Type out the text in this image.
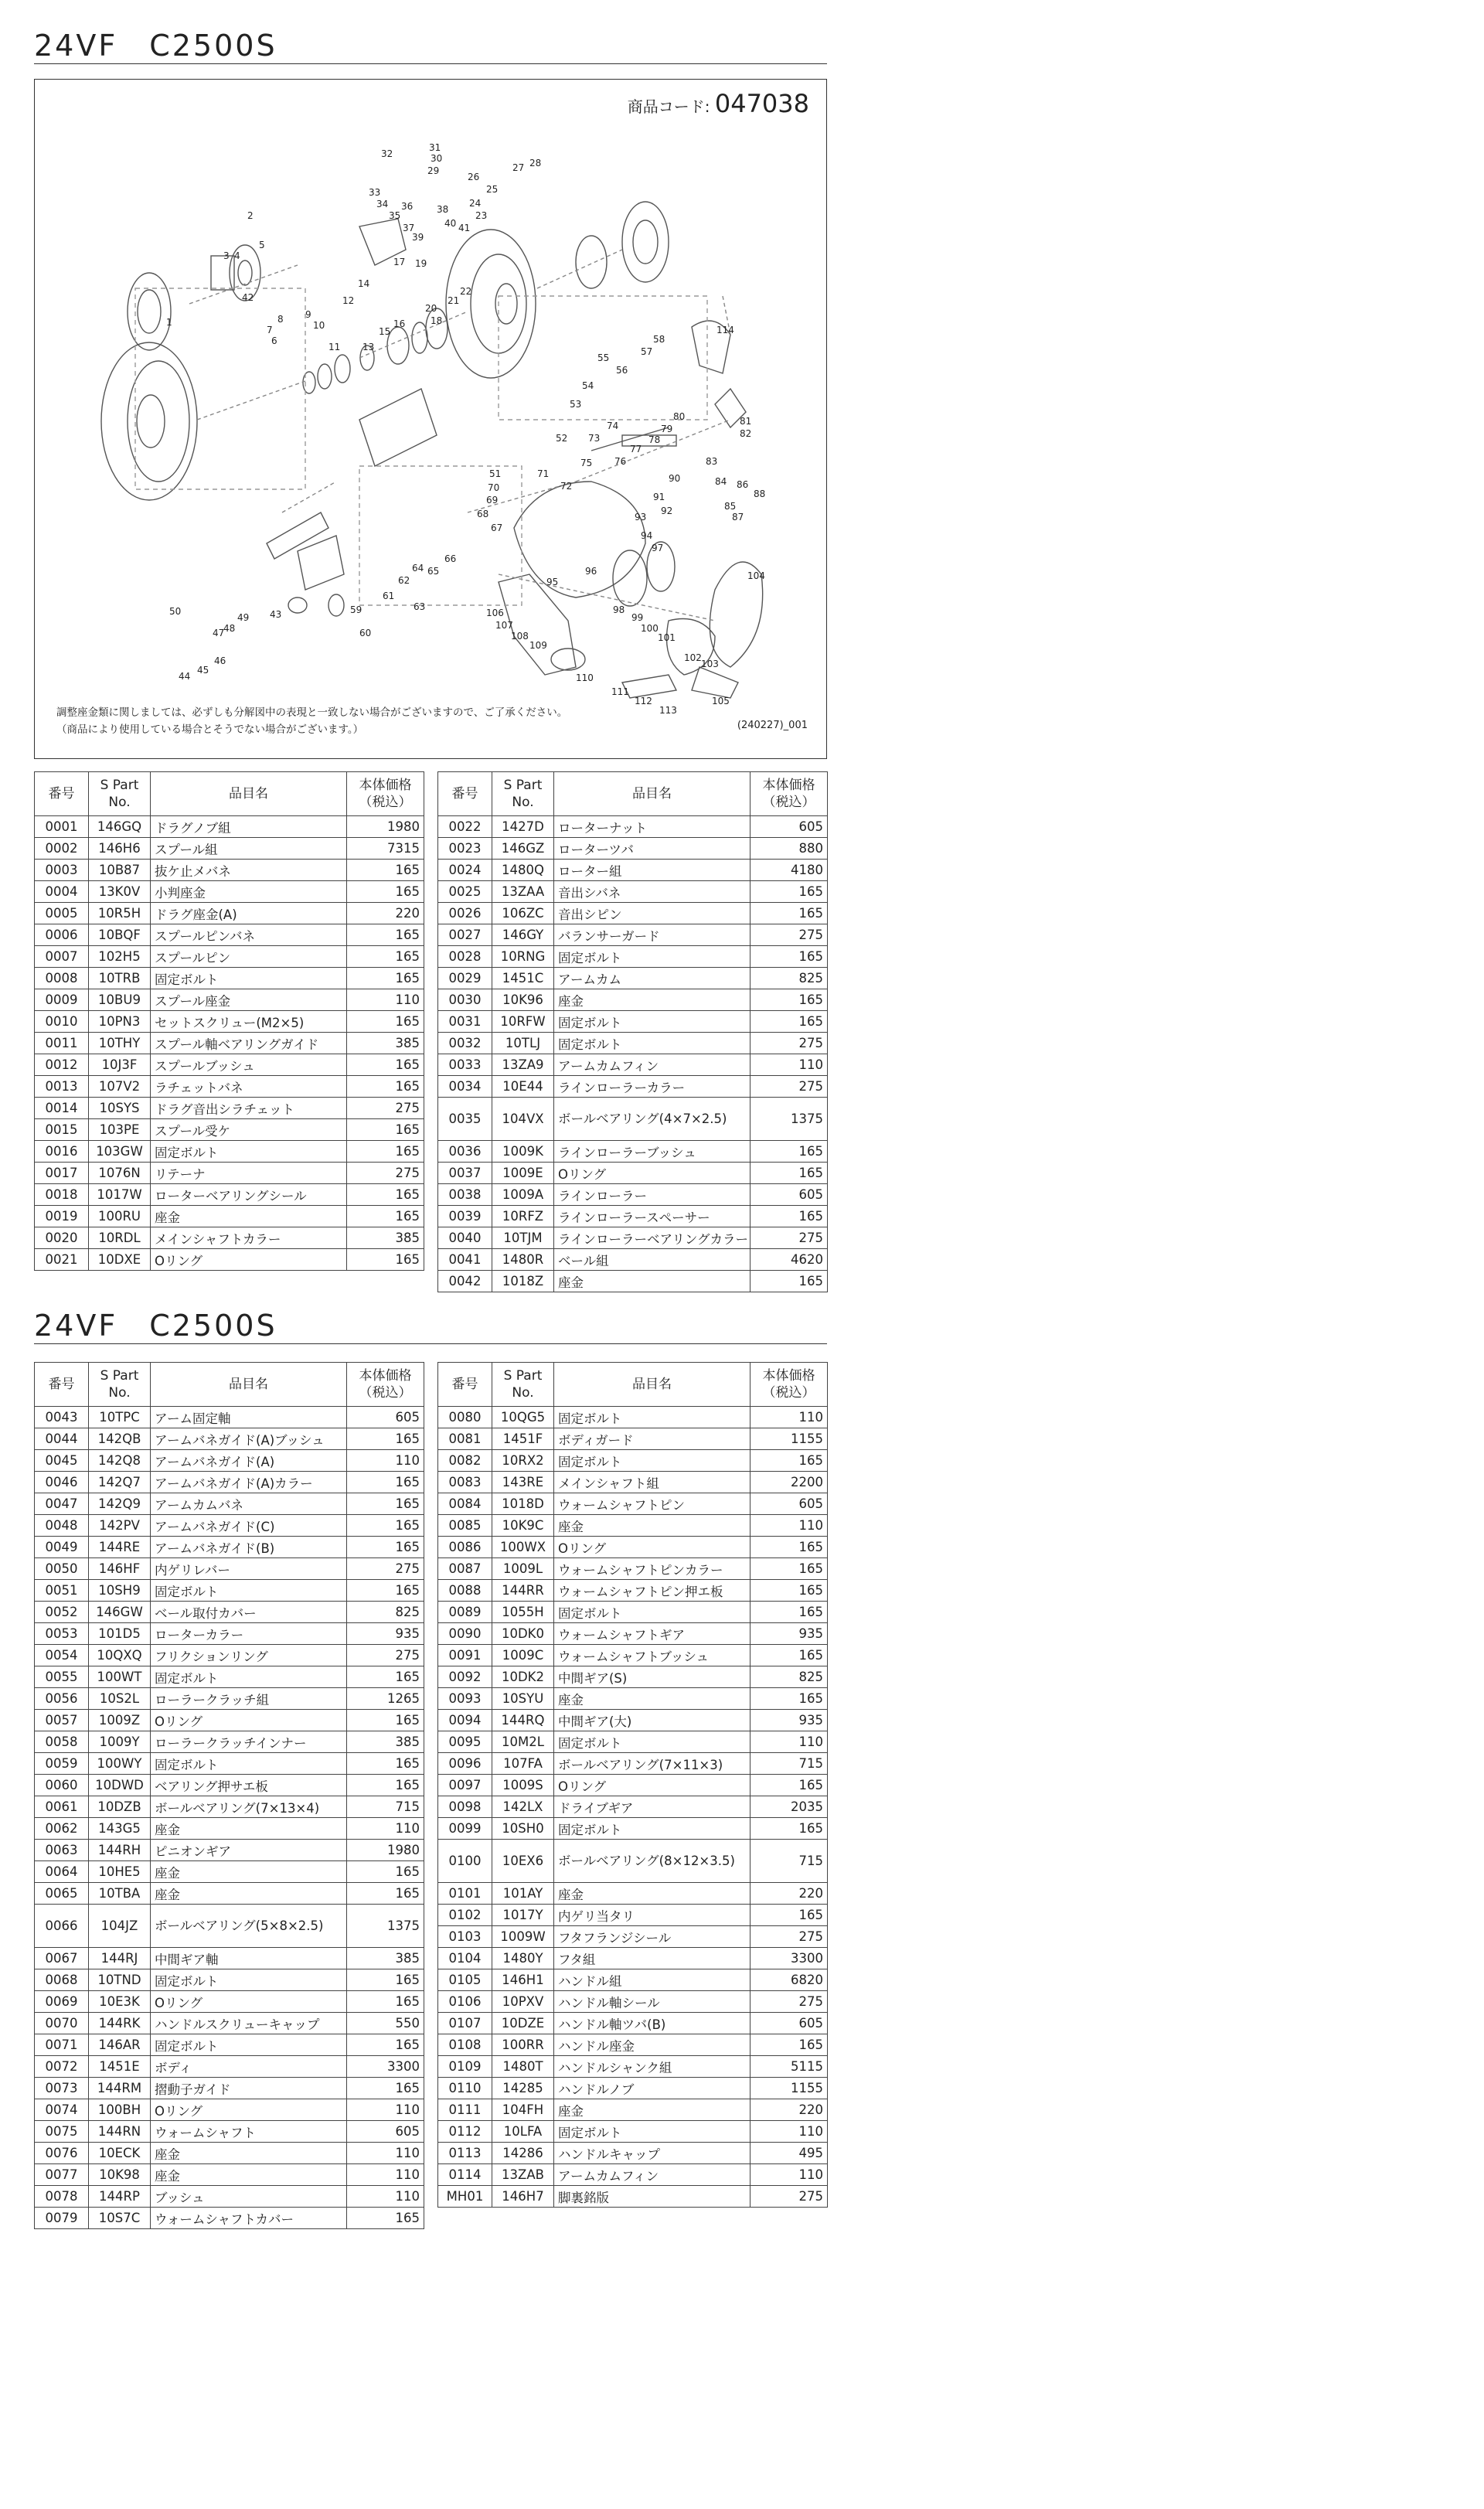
24VF　C2500S
商品コード: 047038
1
2
3 4
5
6
7
8 9
10
11
12
13
14
15
16
17
18
19
20
21
22
23
24
25
26
27 28
29
30
31
32
33
34
35
36
37
38
39
40 41
42
43
44
45
46
47
48
49
50
51
52
53
54
55
56
57
58
59
60
61
62
63
64 65
66
67
68
69
70
71
72
73
74
75 76
77
78
79
80	81
82
83
84
85
86
87
88
90
91
92
93
94
95
96
97
98
99
100
101
102
103
104
105
106
107
108
109
110
111
112
113
114
調整座金類に関しましては、必ずしも分解図中の表現と一致しない場合がございますので、ご了承ください。
（商品により使用している場合とそうでない場合がございます。）	(240227)_001
番号	S Part
No.	品目名	本体価格
（税込）
0001	146GQ	ドラグノブ組	1980
0002	146H6	スプール組	7315
0003	10B87	抜ケ止メバネ	165
0004	13K0V	小判座金	165
0005	10R5H	ドラグ座金(A)	220
0006	10BQF	スプールピンバネ	165
0007	102H5	スプールピン	165
0008	10TRB	固定ボルト	165
0009	10BU9	スプール座金	110
0010	10PN3	セットスクリュー(M2×5)	165
0011	10THY	スプール軸ベアリングガイド	385
0012	10J3F	スプールブッシュ	165
0013	107V2	ラチェットバネ	165
0014	10SYS	ドラグ音出シラチェット	275
0015	103PE	スプール受ケ	165
0016	103GW	固定ボルト	165
0017	1076N	リテーナ	275
0018	1017W	ローターベアリングシール	165
0019	100RU	座金	165
0020	10RDL	メインシャフトカラー	385
0021	10DXE	Oリング	165
番号	S Part
No.	品目名	本体価格
（税込）
0022	1427D	ローターナット	605
0023	146GZ	ローターツバ	880
0024	1480Q	ローター組	4180
0025	13ZAA	音出シバネ	165
0026	106ZC	音出シピン	165
0027	146GY	バランサーガード	275
0028	10RNG	固定ボルト	165
0029	1451C	アームカム	825
0030	10K96	座金	165
0031	10RFW	固定ボルト	165
0032	10TLJ	固定ボルト	275
0033	13ZA9	アームカムフィン	110
0034	10E44	ラインローラーカラー	275
0035	104VX	ボールベアリング(4×7×2.5)	1375
0036	1009K	ラインローラーブッシュ	165
0037	1009E	Oリング	165
0038	1009A	ラインローラー	605
0039	10RFZ	ラインローラースペーサー	165
0040	10TJM	ラインローラーベアリングカラー	275
0041	1480R	ベール組	4620
0042	1018Z	座金	165
24VF　C2500S
番号	S Part
No.	品目名	本体価格
（税込）
0043	10TPC	アーム固定軸	605
0044	142QB	アームバネガイド(A)ブッシュ	165
0045	142Q8	アームバネガイド(A)	110
0046	142Q7	アームバネガイド(A)カラー	165
0047	142Q9	アームカムバネ	165
0048	142PV	アームバネガイド(C)	165
0049	144RE	アームバネガイド(B)	165
0050	146HF	内ゲリレバー	275
0051	10SH9	固定ボルト	165
0052	146GW	ベール取付カバー	825
0053	101D5	ローターカラー	935
0054	10QXQ	フリクションリング	275
0055	100WT	固定ボルト	165
0056	10S2L	ローラークラッチ組	1265
0057	1009Z	Oリング	165
0058	1009Y	ローラークラッチインナー	385
0059	100WY	固定ボルト	165
0060	10DWD	ベアリング押サエ板	165
0061	10DZB	ボールベアリング(7×13×4)	715
0062	143G5	座金	110
0063	144RH	ピニオンギア	1980
0064	10HE5	座金	165
0065	10TBA	座金	165
0066	104JZ	ボールベアリング(5×8×2.5)	1375
0067	144RJ	中間ギア軸	385
0068	10TND	固定ボルト	165
0069	10E3K	Oリング	165
0070	144RK	ハンドルスクリューキャップ	550
0071	146AR	固定ボルト	165
0072	1451E	ボディ	3300
0073	144RM	摺動子ガイド	165
0074	100BH	Oリング	110
0075	144RN	ウォームシャフト	605
0076	10ECK	座金	110
0077	10K98	座金	110
0078	144RP	ブッシュ	110
0079	10S7C	ウォームシャフトカバー	165
番号	S Part
No.	品目名	本体価格
（税込）
0080	10QG5	固定ボルト	110
0081	1451F	ボディガード	1155
0082	10RX2	固定ボルト	165
0083	143RE	メインシャフト組	2200
0084	1018D	ウォームシャフトピン	605
0085	10K9C	座金	110
0086	100WX	Oリング	165
0087	1009L	ウォームシャフトピンカラー	165
0088	144RR	ウォームシャフトピン押エ板	165
0089	1055H	固定ボルト	165
0090	10DK0	ウォームシャフトギア	935
0091	1009C	ウォームシャフトブッシュ	165
0092	10DK2	中間ギア(S)	825
0093	10SYU	座金	165
0094	144RQ	中間ギア(大)	935
0095	10M2L	固定ボルト	110
0096	107FA	ボールベアリング(7×11×3)	715
0097	1009S	Oリング	165
0098	142LX	ドライブギア	2035
0099	10SH0	固定ボルト	165
0100	10EX6	ボールベアリング(8×12×3.5)	715
0101	101AY	座金	220
0102	1017Y	内ゲリ当タリ	165
0103	1009W	フタフランジシール	275
0104	1480Y	フタ組	3300
0105	146H1	ハンドル組	6820
0106	10PXV	ハンドル軸シール	275
0107	10DZE	ハンドル軸ツバ(B)	605
0108	100RR	ハンドル座金	165
0109	1480T	ハンドルシャンク組	5115
0110	14285	ハンドルノブ	1155
0111	104FH	座金	220
0112	10LFA	固定ボルト	110
0113	14286	ハンドルキャップ	495
0114	13ZAB	アームカムフィン	110
MH01	146H7	脚裏銘版	275
